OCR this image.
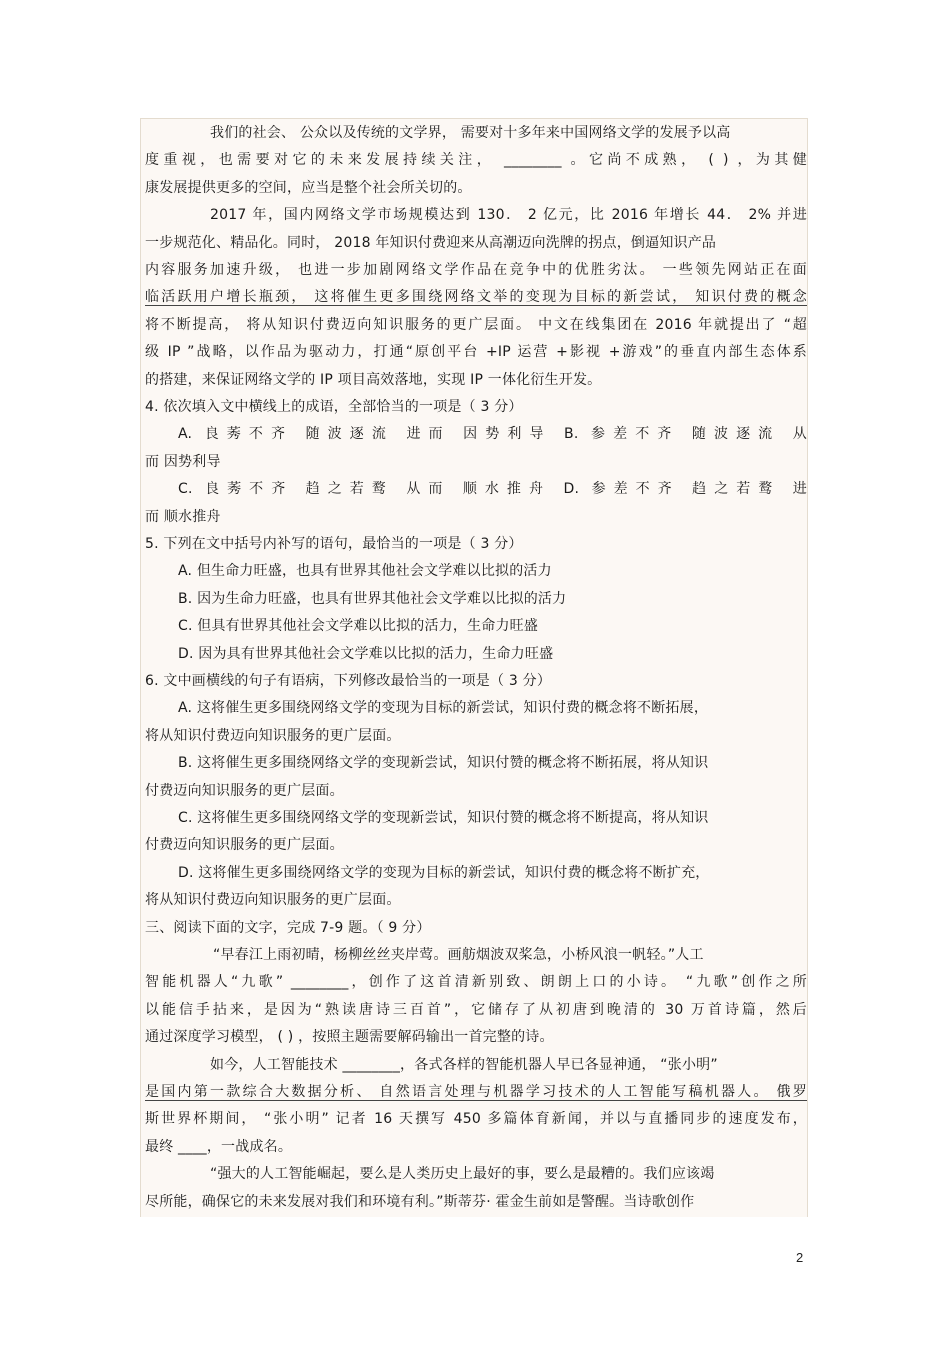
我们的社会、 公众以及传统的文学界， 需要对十多年来中国网络文学的发展予以高
度重视，也需要对它的未来发展持续关注， ________ 。它尚不成熟， ( ) ，为其健
康发展提供更多的空间，应当是整个社会所关切的。
2017 年，国内网络文学市场规模达到 130． 2 亿元，比 2016 年增长 44． 2% 并进
一步规范化、精品化。同时， 2018 年知识付费迎来从高潮迈向洗牌的拐点，倒逼知识产品
内容服务加速升级， 也进一步加剧网络文学作品在竞争中的优胜劣汰。 一些领先网站正在面
临活跃用户增长瓶颈， 这将催生更多围绕网络文举的变现为目标的新尝试， 知识付费的概念
将不断提高， 将从知识付费迈向知识服务的更广层面。 中文在线集团在 2016 年就提出了 “超
级 IP ”战略，以作品为驱动力，打通“原创平台 +IP 运营 +影视 +游戏”的垂直内部生态体系
的搭建，来保证网络文学的 IP 项目高效落地，实现 IP 一体化衍生开发。
4. 依次填入文中横线上的成语，全部恰当的一项是（ 3 分）
A. 良莠不齐 随波逐流 进而 因势利导 B. 参差不齐 随波逐流 从
而 因势利导
C. 良莠不齐 趋之若鹜 从而 顺水推舟 D. 参差不齐 趋之若鹜 进
而 顺水推舟
5. 下列在文中括号内补写的语句，最恰当的一项是（ 3 分）
A. 但生命力旺盛，也具有世界其他社会文学难以比拟的活力
B. 因为生命力旺盛，也具有世界其他社会文学难以比拟的活力
C. 但具有世界其他社会文学难以比拟的活力，生命力旺盛
D. 因为具有世界其他社会文学难以比拟的活力，生命力旺盛
6. 文中画横线的句子有语病，下列修改最恰当的一项是（ 3 分）
A. 这将催生更多围绕网络文学的变现为目标的新尝试，知识付费的概念将不断拓展，
将从知识付费迈向知识服务的更广层面。
B. 这将催生更多围绕网络文学的变现新尝试，知识付赞的概念将不断拓展，将从知识
付费迈向知识服务的更广层面。
C. 这将催生更多围绕网络文学的变现新尝试，知识付赞的概念将不断提高，将从知识
付费迈向知识服务的更广层面。
D. 这将催生更多围绕网络文学的变现为目标的新尝试，知识付费的概念将不断扩充，
将从知识付费迈向知识服务的更广层面。
三、阅读下面的文字，完成 7-9 题。（ 9 分）
“早春江上雨初晴，杨柳丝丝夹岸莺。画舫烟波双桨急，小桥风浪一帆轻。”人工
智能机器人“九歌” ________，创作了这首清新别致、朗朗上口的小诗。 “九歌”创作之所
以能信手拈来，是因为“熟读唐诗三百首”，它储存了从初唐到晚清的 30 万首诗篇，然后
通过深度学习模型， ( ) ，按照主题需要解码输出一首完整的诗。
如今，人工智能技术 ________，各式各样的智能机器人早已各显神通， “张小明”
是国内第一款综合大数据分析、 自然语言处理与机器学习技术的人工智能写稿机器人。 俄罗
斯世界杯期间， “张小明” 记者 16 天撰写 450 多篇体育新闻，并以与直播同步的速度发布，
最终 ____，一战成名。
“强大的人工智能崛起，要么是人类历史上最好的事，要么是最糟的。我们应该竭
尽所能，确保它的未来发展对我们和环境有利。”斯蒂芬· 霍金生前如是警醒。当诗歌创作
2
